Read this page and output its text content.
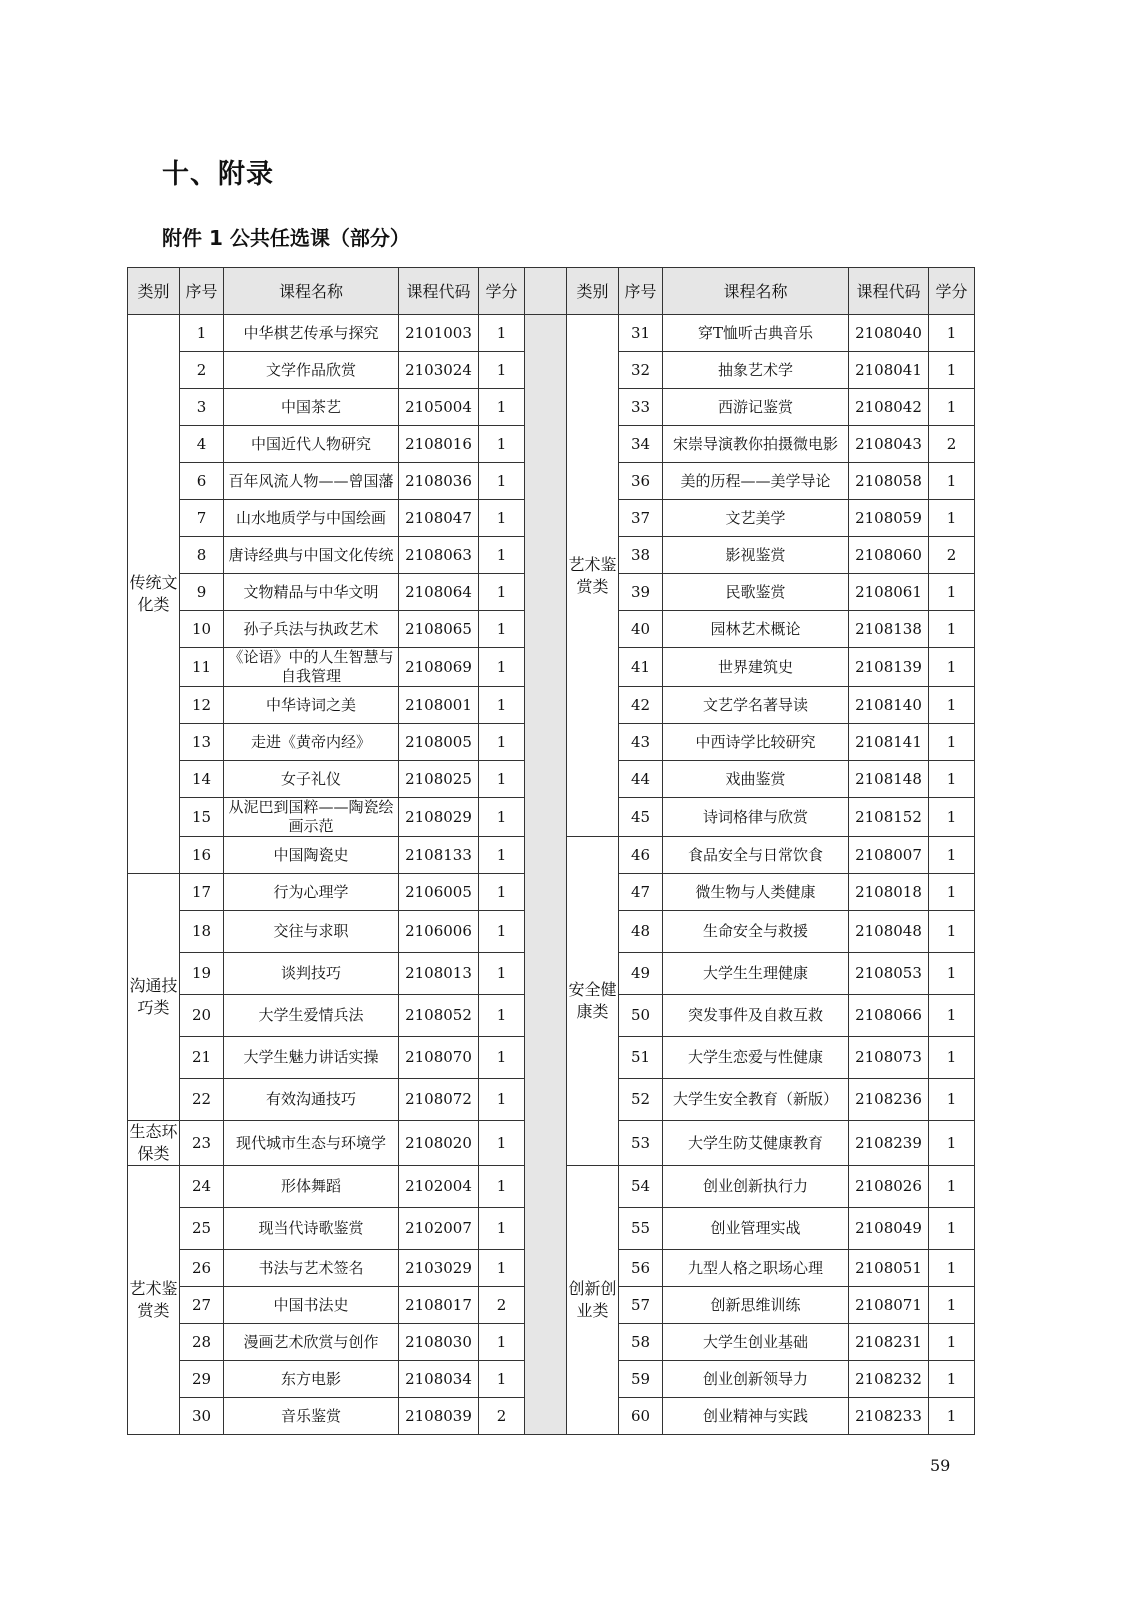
十、附录
附件 1 公共任选课（部分）
类别	序号	课程名称	课程代码	学分		类别	序号	课程名称	课程代码	学分
传统文化类	1	中华棋艺传承与探究	2101003	1		艺术鉴赏类	31	穿T恤听古典音乐	2108040	1
	2	文学作品欣赏	2103024	1			32	抽象艺术学	2108041	1
	3	中国茶艺	2105004	1			33	西游记鉴赏	2108042	1
	4	中国近代人物研究	2108016	1			34	宋崇导演教你拍摄微电影	2108043	2
	6	百年风流人物——曾国藩	2108036	1			36	美的历程——美学导论	2108058	1
	7	山水地质学与中国绘画	2108047	1			37	文艺美学	2108059	1
	8	唐诗经典与中国文化传统	2108063	1			38	影视鉴赏	2108060	2
	9	文物精品与中华文明	2108064	1			39	民歌鉴赏	2108061	1
	10	孙子兵法与执政艺术	2108065	1			40	园林艺术概论	2108138	1
	11	《论语》中的人生智慧与自我管理	2108069	1			41	世界建筑史	2108139	1
	12	中华诗词之美	2108001	1			42	文艺学名著导读	2108140	1
	13	走进《黄帝内经》	2108005	1			43	中西诗学比较研究	2108141	1
	14	女子礼仪	2108025	1			44	戏曲鉴赏	2108148	1
	15	从泥巴到国粹——陶瓷绘画示范	2108029	1			45	诗词格律与欣赏	2108152	1
	16	中国陶瓷史	2108133	1		安全健康类	46	食品安全与日常饮食	2108007	1
沟通技巧类	17	行为心理学	2106005	1			47	微生物与人类健康	2108018	1
	18	交往与求职	2106006	1			48	生命安全与救援	2108048	1
	19	谈判技巧	2108013	1			49	大学生生理健康	2108053	1
	20	大学生爱情兵法	2108052	1			50	突发事件及自救互救	2108066	1
	21	大学生魅力讲话实操	2108070	1			51	大学生恋爱与性健康	2108073	1
	22	有效沟通技巧	2108072	1			52	大学生安全教育（新版）	2108236	1
生态环保类	23	现代城市生态与环境学	2108020	1			53	大学生防艾健康教育	2108239	1
艺术鉴赏类	24	形体舞蹈	2102004	1		创新创业类	54	创业创新执行力	2108026	1
	25	现当代诗歌鉴赏	2102007	1			55	创业管理实战	2108049	1
	26	书法与艺术签名	2103029	1			56	九型人格之职场心理	2108051	1
	27	中国书法史	2108017	2			57	创新思维训练	2108071	1
	28	漫画艺术欣赏与创作	2108030	1			58	大学生创业基础	2108231	1
	29	东方电影	2108034	1			59	创业创新领导力	2108232	1
	30	音乐鉴赏	2108039	2			60	创业精神与实践	2108233	1
59
